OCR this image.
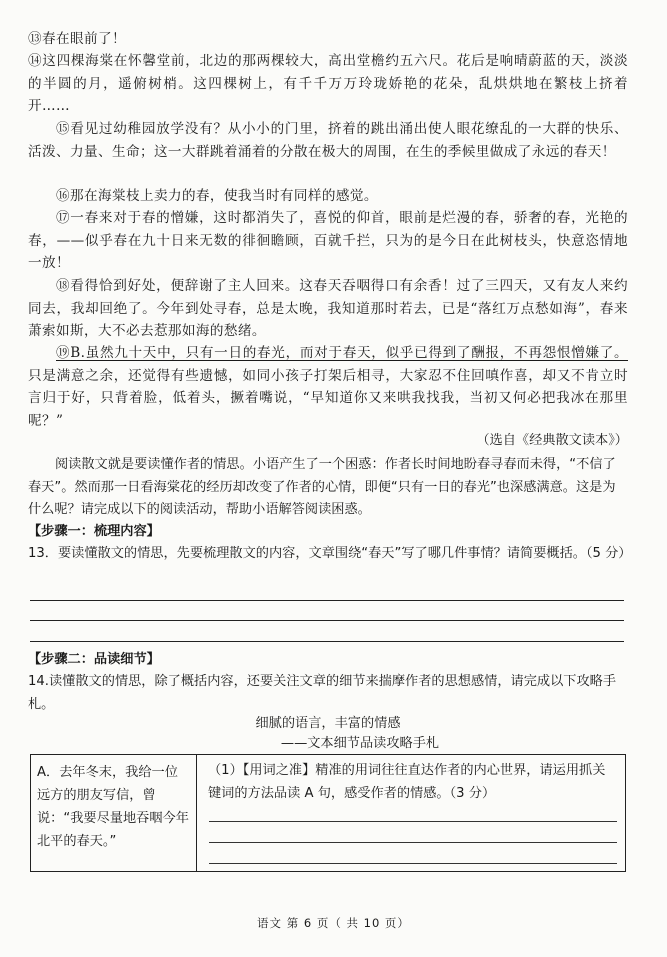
⑬春在眼前了！
⑭这四棵海棠在怀馨堂前，北边的那两棵较大，高出堂檐约五六尺。花后是响晴蔚蓝的天，淡淡的半圆的月，遥俯树梢。这四棵树上，有千千万万玲珑娇艳的花朵，乱烘烘地在繁枝上挤着开……
⑮看见过幼稚园放学没有？从小小的门里，挤着的跳出涌出使人眼花缭乱的一大群的快乐、活泼、力量、生命；这一大群跳着涌着的分散在极大的周围，在生的季候里做成了永远的春天！
⑯那在海棠枝上卖力的春，使我当时有同样的感觉。
⑰一春来对于春的憎嫌，这时都消失了，喜悦的仰首，眼前是烂漫的春，骄奢的春，光艳的春，——似乎春在九十日来无数的徘徊瞻顾，百就千拦，只为的是今日在此树枝头，快意恣情地一放！
⑱看得恰到好处，便辞谢了主人回来。这春天吞咽得口有余香！过了三四天，又有友人来约同去，我却回绝了。今年到处寻春，总是太晚，我知道那时若去，已是“落红万点愁如海”，春来萧索如斯，大不必去惹那如海的愁绪。
⑲B.虽然九十天中，只有一日的春光，而对于春天，似乎已得到了酬报，不再怨恨憎嫌了。只是满意之余，还觉得有些遗憾，如同小孩子打架后相寻，大家忍不住回嗔作喜，却又不肯立时言归于好，只背着脸，低着头，撅着嘴说，“早知道你又来哄我找我，当初又何必把我冰在那里呢？”
（选自《经典散文读本》）
阅读散文就是要读懂作者的情思。小语产生了一个困惑：作者长时间地盼春寻春而未得，“不信了春天”。然而那一日看海棠花的经历却改变了作者的心情，即便“只有一日的春光”也深感满意。这是为什么呢？请完成以下的阅读活动，帮助小语解答阅读困惑。
【步骤一：梳理内容】
13．要读懂散文的情思，先要梳理散文的内容，文章围绕“春天”写了哪几件事情？请简要概括。（5 分）
【步骤二：品读细节】
14.读懂散文的情思，除了概括内容，还要关注文章的细节来揣摩作者的思想感情，请完成以下攻略手札。
细腻的语言，丰富的情感
——文本细节品读攻略手札
A．去年冬末，我给一位远方的朋友写信，曾说：“我要尽量地吞咽今年北平的春天。”
（1）【用词之准】精准的用词往往直达作者的内心世界，请运用抓关键词的方法品读 A 句，感受作者的情感。（3 分）
语文 第 6 页（ 共 10 页）
